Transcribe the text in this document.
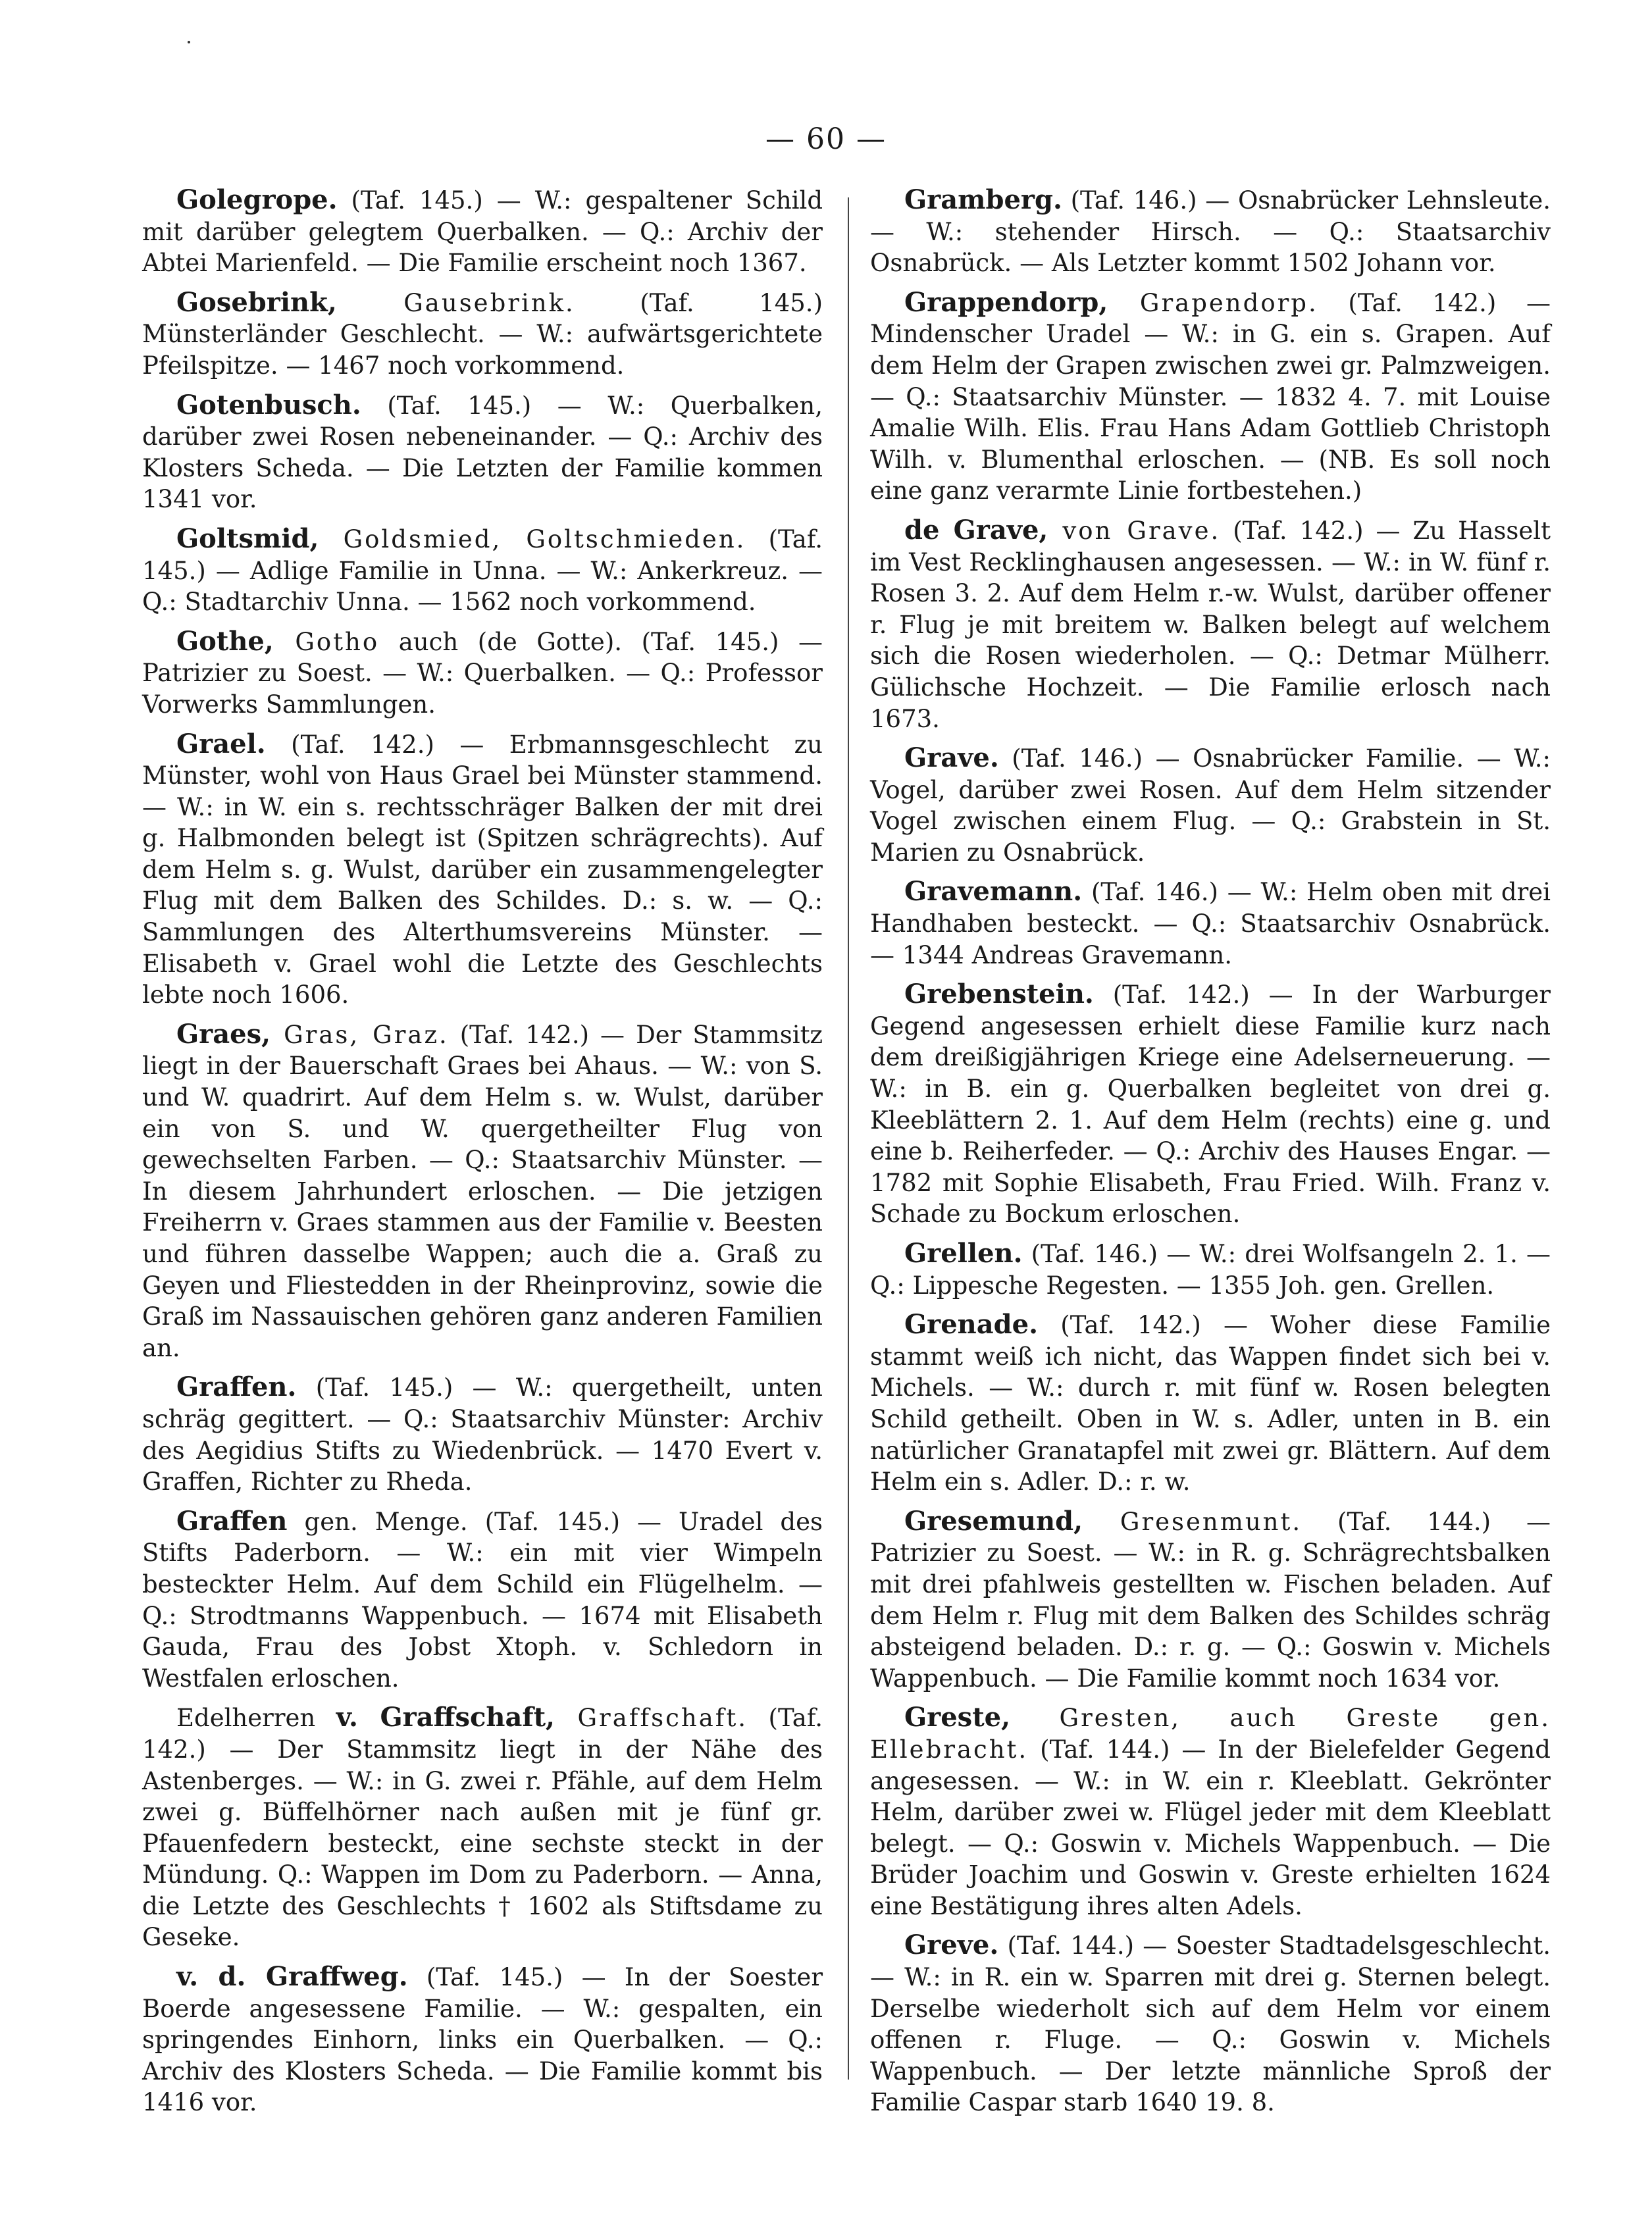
— 60 —

Golegrope. (Taf. 145.) — W.: gespaltener Schild mit darüber gelegtem Querbalken. — Q.: Archiv der Abtei Marienfeld. — Die Familie erscheint noch 1367.

Gosebrink, Gausebrink. (Taf. 145.) Münsterländer Geschlecht. — W.: aufwärtsgerichtete Pfeilspitze. — 1467 noch vorkommend.

Gotenbusch. (Taf. 145.) — W.: Querbalken, darüber zwei Rosen nebeneinander. — Q.: Archiv des Klosters Scheda. — Die Letzten der Familie kommen 1341 vor.

Goltsmid, Goldsmied, Goltschmieden. (Taf. 145.) — Adlige Familie in Unna. — W.: Ankerkreuz. — Q.: Stadtarchiv Unna. — 1562 noch vorkommend.

Gothe, Gotho auch (de Gotte). (Taf. 145.) — Patrizier zu Soest. — W.: Querbalken. — Q.: Professor Vorwerks Sammlungen.

Grael. (Taf. 142.) — Erbmannsgeschlecht zu Münster, wohl von Haus Grael bei Münster stammend. — W.: in W. ein s. rechtsschräger Balken der mit drei g. Halbmonden belegt ist (Spitzen schrägrechts). Auf dem Helm s. g. Wulst, darüber ein zusammengelegter Flug mit dem Balken des Schildes. D.: s. w. — Q.: Sammlungen des Alterthumsvereins Münster. — Elisabeth v. Grael wohl die Letzte des Geschlechts lebte noch 1606.

Graes, Gras, Graz. (Taf. 142.) — Der Stammsitz liegt in der Bauerschaft Graes bei Ahaus. — W.: von S. und W. quadrirt. Auf dem Helm s. w. Wulst, darüber ein von S. und W. quergetheilter Flug von gewechselten Farben. — Q.: Staatsarchiv Münster. — In diesem Jahrhundert erloschen. — Die jetzigen Freiherrn v. Graes stammen aus der Familie v. Beesten und führen dasselbe Wappen; auch die a. Graß zu Geyen und Fliestedden in der Rheinprovinz, sowie die Graß im Nassauischen gehören ganz anderen Familien an.

Graffen. (Taf. 145.) — W.: quergetheilt, unten schräg gegittert. — Q.: Staatsarchiv Münster: Archiv des Aegidius Stifts zu Wiedenbrück. — 1470 Evert v. Graffen, Richter zu Rheda.

Graffen gen. Menge. (Taf. 145.) — Uradel des Stifts Paderborn. — W.: ein mit vier Wimpeln besteckter Helm. Auf dem Schild ein Flügelhelm. — Q.: Strodtmanns Wappenbuch. — 1674 mit Elisabeth Gauda, Frau des Jobst Xtoph. v. Schledorn in Westfalen erloschen.

Edelherren v. Graffschaft, Graffschaft. (Taf. 142.) — Der Stammsitz liegt in der Nähe des Astenberges. — W.: in G. zwei r. Pfähle, auf dem Helm zwei g. Büffelhörner nach außen mit je fünf gr. Pfauenfedern besteckt, eine sechste steckt in der Mündung. Q.: Wappen im Dom zu Paderborn. — Anna, die Letzte des Geschlechts † 1602 als Stiftsdame zu Geseke.

v. d. Graffweg. (Taf. 145.) — In der Soester Boerde angesessene Familie. — W.: gespalten, ein springendes Einhorn, links ein Querbalken. — Q.: Archiv des Klosters Scheda. — Die Familie kommt bis 1416 vor.

Gramberg. (Taf. 146.) — Osnabrücker Lehnsleute. — W.: stehender Hirsch. — Q.: Staatsarchiv Osnabrück. — Als Letzter kommt 1502 Johann vor.

Grappendorp, Grapendorp. (Taf. 142.) — Mindenscher Uradel — W.: in G. ein s. Grapen. Auf dem Helm der Grapen zwischen zwei gr. Palmzweigen. — Q.: Staatsarchiv Münster. — 1832 4. 7. mit Louise Amalie Wilh. Elis. Frau Hans Adam Gottlieb Christoph Wilh. v. Blumenthal erloschen. — (NB. Es soll noch eine ganz verarmte Linie fortbestehen.)

de Grave, von Grave. (Taf. 142.) — Zu Hasselt im Vest Recklinghausen angesessen. — W.: in W. fünf r. Rosen 3. 2. Auf dem Helm r.-w. Wulst, darüber offener r. Flug je mit breitem w. Balken belegt auf welchem sich die Rosen wiederholen. — Q.: Detmar Mülherr. Gülichsche Hochzeit. — Die Familie erlosch nach 1673.

Grave. (Taf. 146.) — Osnabrücker Familie. — W.: Vogel, darüber zwei Rosen. Auf dem Helm sitzender Vogel zwischen einem Flug. — Q.: Grabstein in St. Marien zu Osnabrück.

Gravemann. (Taf. 146.) — W.: Helm oben mit drei Handhaben besteckt. — Q.: Staatsarchiv Osnabrück. — 1344 Andreas Gravemann.

Grebenstein. (Taf. 142.) — In der Warburger Gegend angesessen erhielt diese Familie kurz nach dem dreißigjährigen Kriege eine Adelserneuerung. — W.: in B. ein g. Querbalken begleitet von drei g. Kleeblättern 2. 1. Auf dem Helm (rechts) eine g. und eine b. Reiherfeder. — Q.: Archiv des Hauses Engar. — 1782 mit Sophie Elisabeth, Frau Fried. Wilh. Franz v. Schade zu Bockum erloschen.

Grellen. (Taf. 146.) — W.: drei Wolfsangeln 2. 1. — Q.: Lippesche Regesten. — 1355 Joh. gen. Grellen.

Grenade. (Taf. 142.) — Woher diese Familie stammt weiß ich nicht, das Wappen findet sich bei v. Michels. — W.: durch r. mit fünf w. Rosen belegten Schild getheilt. Oben in W. s. Adler, unten in B. ein natürlicher Granatapfel mit zwei gr. Blättern. Auf dem Helm ein s. Adler. D.: r. w.

Gresemund, Gresenmunt. (Taf. 144.) — Patrizier zu Soest. — W.: in R. g. Schrägrechtsbalken mit drei pfahlweis gestellten w. Fischen beladen. Auf dem Helm r. Flug mit dem Balken des Schildes schräg absteigend beladen. D.: r. g. — Q.: Goswin v. Michels Wappenbuch. — Die Familie kommt noch 1634 vor.

Greste, Gresten, auch Greste gen. Ellebracht. (Taf. 144.) — In der Bielefelder Gegend angesessen. — W.: in W. ein r. Kleeblatt. Gekrönter Helm, darüber zwei w. Flügel jeder mit dem Kleeblatt belegt. — Q.: Goswin v. Michels Wappenbuch. — Die Brüder Joachim und Goswin v. Greste erhielten 1624 eine Bestätigung ihres alten Adels.

Greve. (Taf. 144.) — Soester Stadtadelsgeschlecht. — W.: in R. ein w. Sparren mit drei g. Sternen belegt. Derselbe wiederholt sich auf dem Helm vor einem offenen r. Fluge. — Q.: Goswin v. Michels Wappenbuch. — Der letzte männliche Sproß der Familie Caspar starb 1640 19. 8.
